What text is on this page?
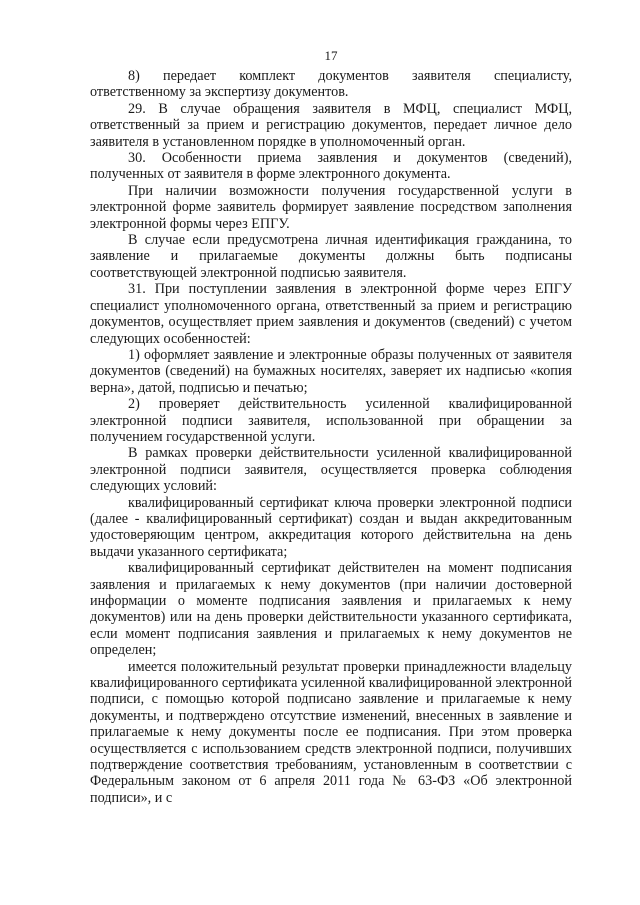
17

8) передает комплект документов заявителя специалисту, ответственному за экспертизу документов.

29. В случае обращения заявителя в МФЦ, специалист МФЦ, ответственный за прием и регистрацию документов, передает личное дело заявителя в установленном порядке в уполномоченный орган.

30. Особенности приема заявления и документов (сведений), полученных от заявителя в форме электронного документа.

При наличии возможности получения государственной услуги в электронной форме заявитель формирует заявление посредством заполнения электронной формы через ЕПГУ.

В случае если предусмотрена личная идентификация гражданина, то заявление и прилагаемые документы должны быть подписаны соответствующей электронной подписью заявителя.

31. При поступлении заявления в электронной форме через ЕПГУ специалист уполномоченного органа, ответственный за прием и регистрацию документов, осуществляет прием заявления и документов (сведений) с учетом следующих особенностей:

1) оформляет заявление и электронные образы полученных от заявителя документов (сведений) на бумажных носителях, заверяет их надписью «копия верна», датой, подписью и печатью;

2) проверяет действительность усиленной квалифицированной электронной подписи заявителя, использованной при обращении за получением государственной услуги.

В рамках проверки действительности усиленной квалифицированной электронной подписи заявителя, осуществляется проверка соблюдения следующих условий:

квалифицированный сертификат ключа проверки электронной подписи (далее - квалифицированный сертификат) создан и выдан аккредитованным удостоверяющим центром, аккредитация которого действительна на день выдачи указанного сертификата;

квалифицированный сертификат действителен на момент подписания заявления и прилагаемых к нему документов (при наличии достоверной информации о моменте подписания заявления и прилагаемых к нему документов) или на день проверки действительности указанного сертификата, если момент подписания заявления и прилагаемых к нему документов не определен;

имеется положительный результат проверки принадлежности владельцу квалифицированного сертификата усиленной квалифицированной электронной подписи, с помощью которой подписано заявление и прилагаемые к нему документы, и подтверждено отсутствие изменений, внесенных в заявление и прилагаемые к нему документы после ее подписания. При этом проверка осуществляется с использованием средств электронной подписи, получивших подтверждение соответствия требованиям, установленным в соответствии с Федеральным законом от 6 апреля 2011 года № 63-ФЗ «Об электронной подписи», и с
